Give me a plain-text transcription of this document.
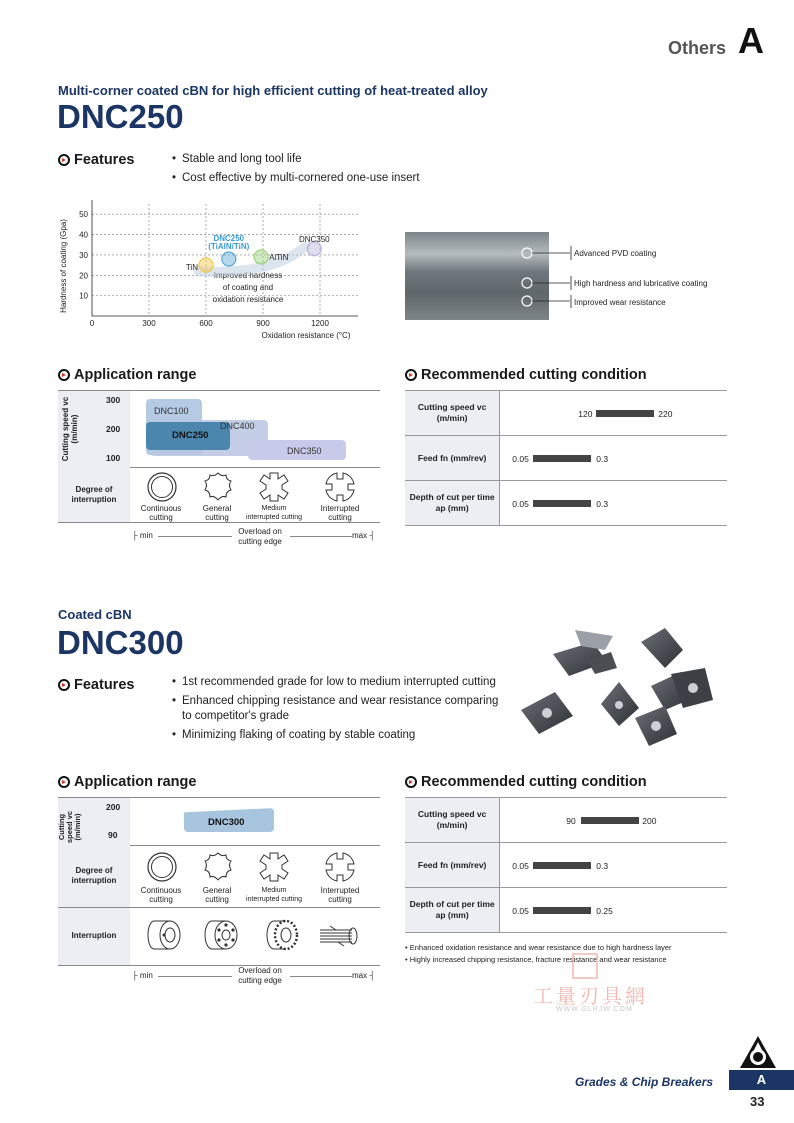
Others A
Multi-corner coated cBN for high efficient cutting of heat-treated alloy
DNC250
Features	• Stable and long tool life
• Cost effective by multi-cornered one-use insert
Hardness of coating (Gpa)
Oxidation resistance (°C)
Improved hardness
of coating and
oxidation resistance
10
20
30
40
50
0	300	600	900	1200
TiN
DNC250
(TiAlN/TiN)
AlTiN
DNC350
Advanced PVD coating
High hardness and lubricative coating
Improved wear resistance
Application range
Cutting speed vc (m/min)
300
200
100
DNC100
DNC250
DNC400
DNC350
Degree of interruption
Continuous cutting
General cutting
Medium interrupted cutting
Interrupted cutting
├ min	Overload on cutting edge
max ┤
Recommended cutting condition
Cutting speed vc (m/min)	120 220

Feed fn (mm/rev)	0.05 0.3

Depth of cut per time ap (mm)	0.05 0.3
Coated cBN
DNC300
Features	• 1st recommended grade for low to medium interrupted cutting
• Enhanced chipping resistance and wear resistance comparing to competitor's grade
• Minimizing flaking of coating by stable coating
Application range
Cutting speed vc (m/min)
200
90
DNC300
Degree of interruption
Interruption
Continuous cutting
General cutting
Medium interrupted cutting
Interrupted cutting
├ min
Overload on cutting edge
max ┤
Recommended cutting condition
Cutting speed vc (m/min)	90 200

Feed fn (mm/rev)	0.05 0.3

Depth of cut per time ap (mm)	0.05 0.25
• Enhanced oxidation resistance and wear resistance due to high hardness layer
• Highly increased chipping resistance, fracture resistance and wear resistance
工量刃具網
WWW.GLRJW.COM
Grades & Chip Breakers	A
33
